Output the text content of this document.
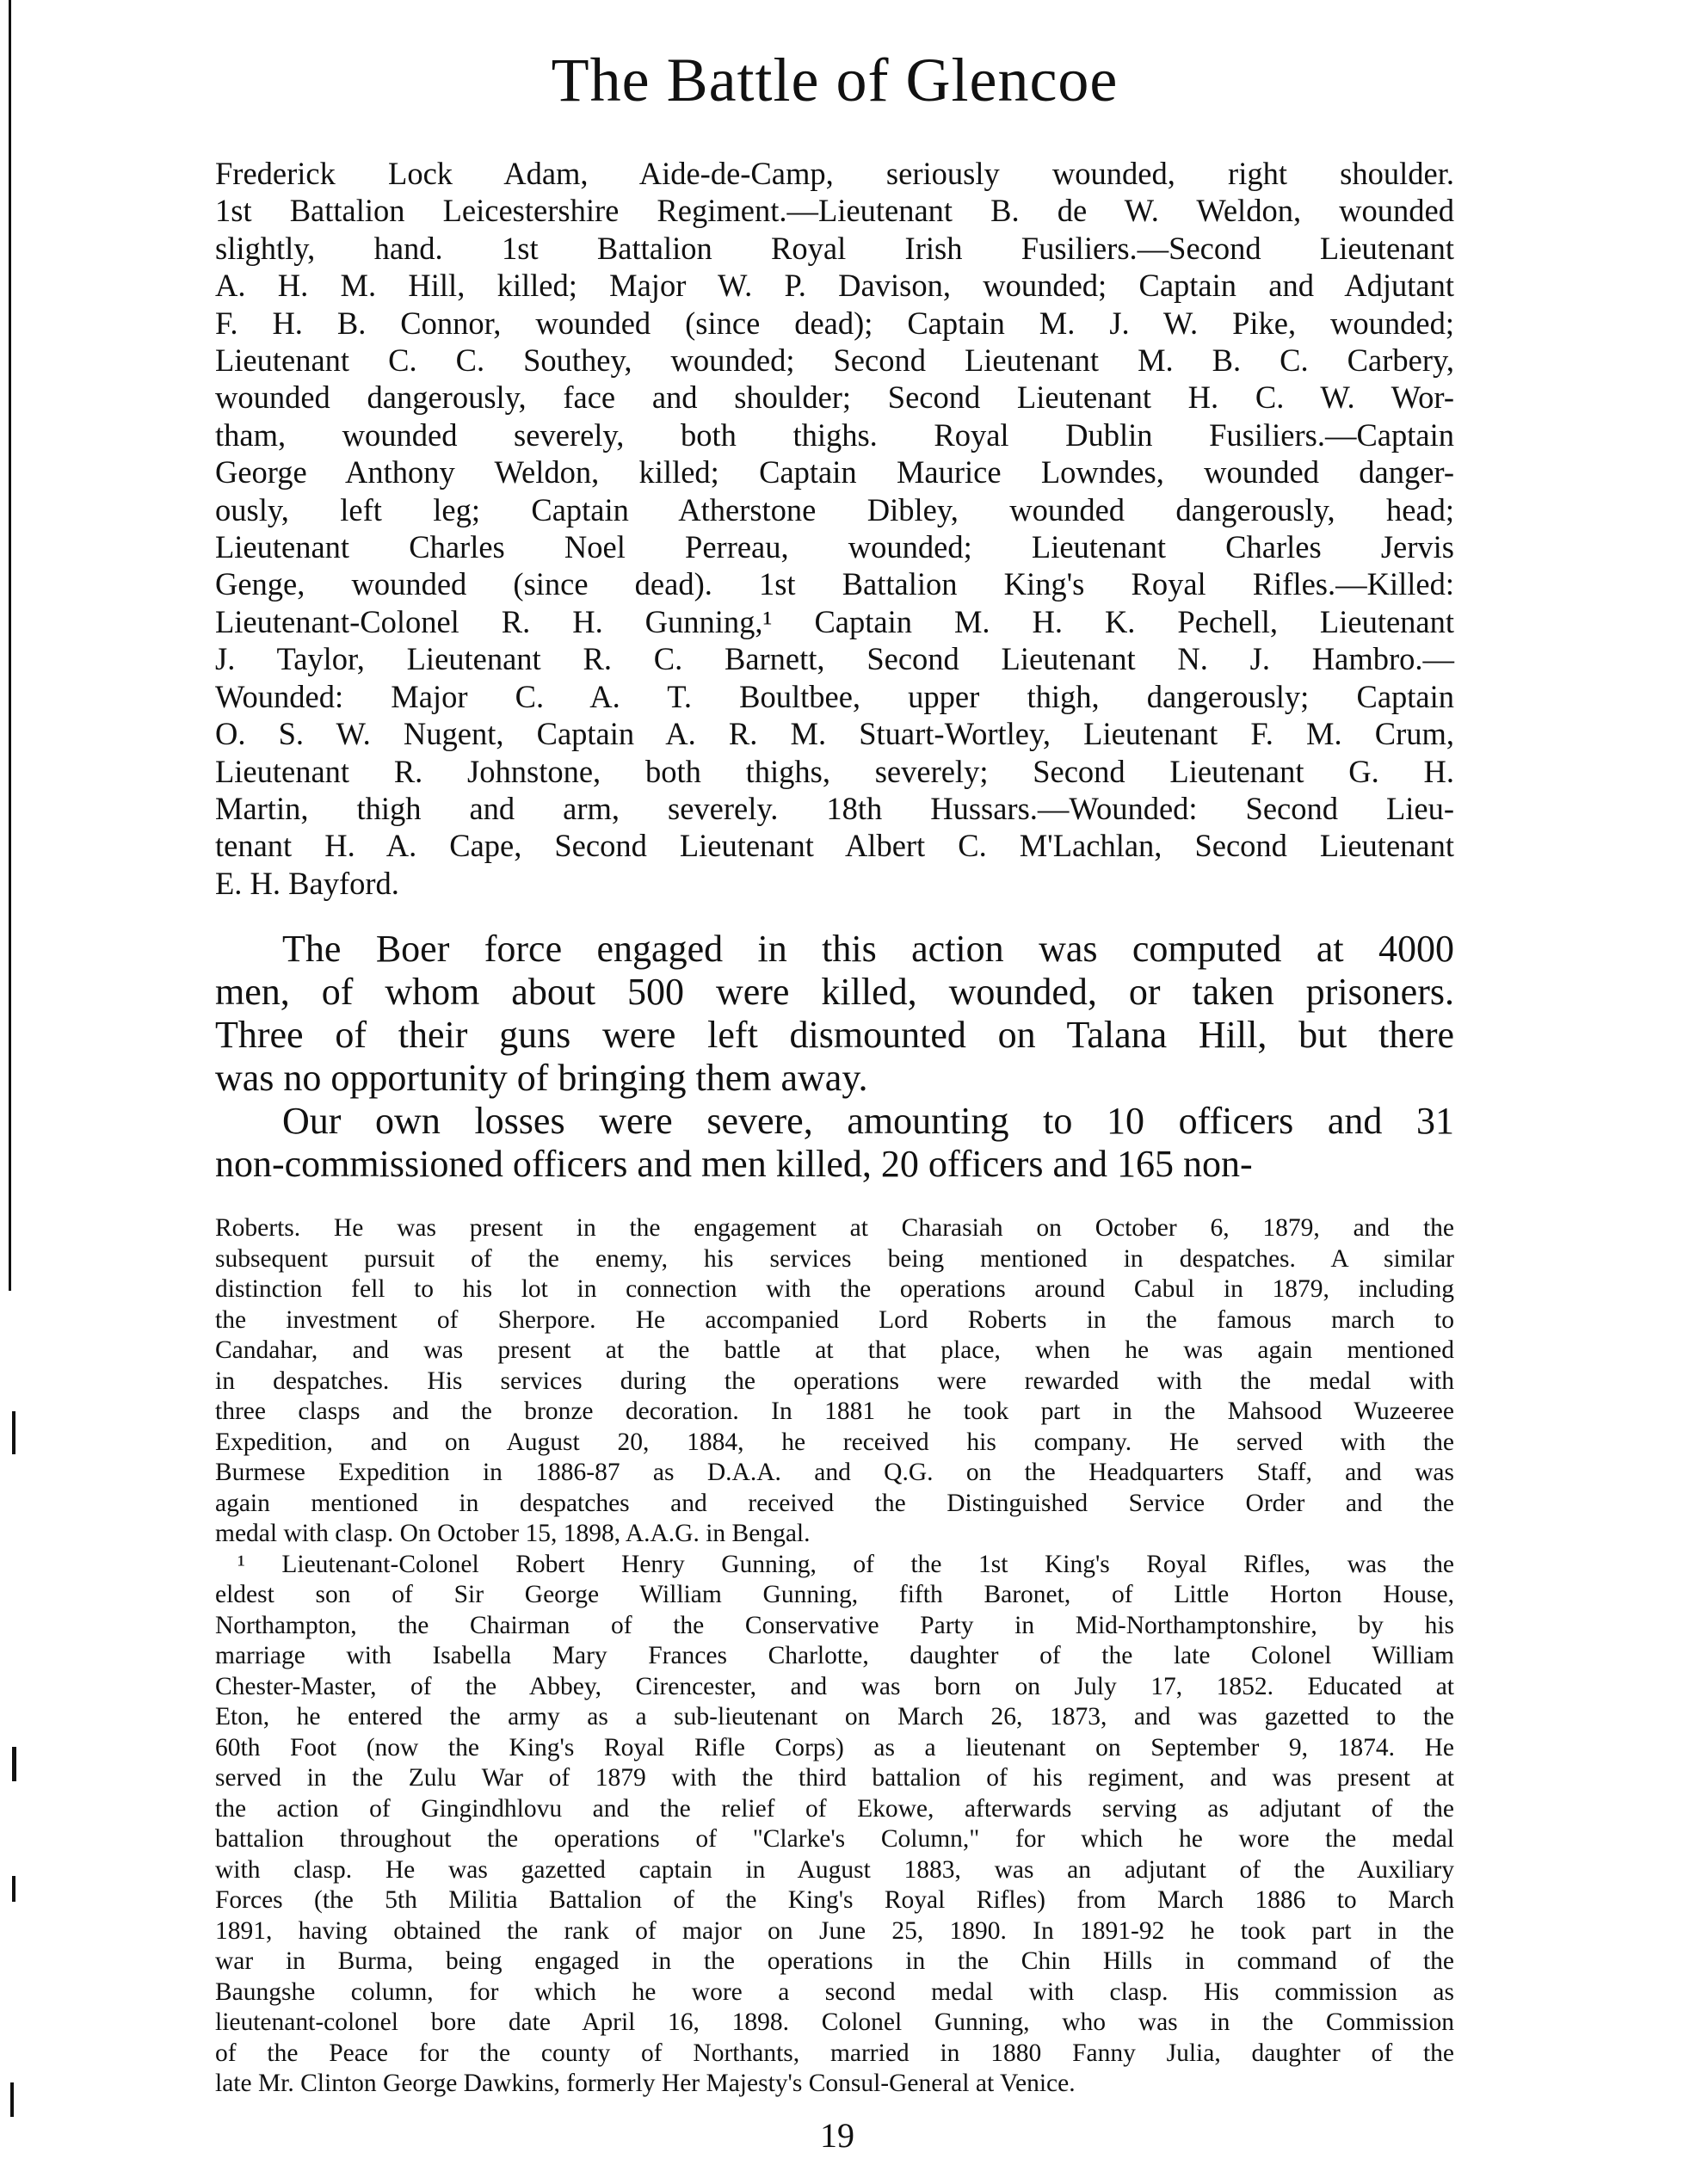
The Battle of Glencoe
Frederick Lock Adam, Aide-de-Camp, seriously wounded, right shoulder.
1st Battalion Leicestershire Regiment.—Lieutenant B. de W. Weldon, wounded
slightly, hand. 1st Battalion Royal Irish Fusiliers.—Second Lieutenant
A. H. M. Hill, killed; Major W. P. Davison, wounded; Captain and Adjutant
F. H. B. Connor, wounded (since dead); Captain M. J. W. Pike, wounded;
Lieutenant C. C. Southey, wounded; Second Lieutenant M. B. C. Carbery,
wounded dangerously, face and shoulder; Second Lieutenant H. C. W. Wor-
tham, wounded severely, both thighs. Royal Dublin Fusiliers.—Captain
George Anthony Weldon, killed; Captain Maurice Lowndes, wounded danger-
ously, left leg; Captain Atherstone Dibley, wounded dangerously, head;
Lieutenant Charles Noel Perreau, wounded; Lieutenant Charles Jervis
Genge, wounded (since dead). 1st Battalion King's Royal Rifles.—Killed:
Lieutenant-Colonel R. H. Gunning,¹ Captain M. H. K. Pechell, Lieutenant
J. Taylor, Lieutenant R. C. Barnett, Second Lieutenant N. J. Hambro.—
Wounded: Major C. A. T. Boultbee, upper thigh, dangerously; Captain
O. S. W. Nugent, Captain A. R. M. Stuart-Wortley, Lieutenant F. M. Crum,
Lieutenant R. Johnstone, both thighs, severely; Second Lieutenant G. H.
Martin, thigh and arm, severely. 18th Hussars.—Wounded: Second Lieu-
tenant H. A. Cape, Second Lieutenant Albert C. M'Lachlan, Second Lieutenant
E. H. Bayford.
The Boer force engaged in this action was computed at 4000
men, of whom about 500 were killed, wounded, or taken prisoners.
Three of their guns were left dismounted on Talana Hill, but there
was no opportunity of bringing them away.
Our own losses were severe, amounting to 10 officers and 31
non-commissioned officers and men killed, 20 officers and 165 non-
Roberts. He was present in the engagement at Charasiah on October 6, 1879, and the
subsequent pursuit of the enemy, his services being mentioned in despatches. A similar
distinction fell to his lot in connection with the operations around Cabul in 1879, including
the investment of Sherpore. He accompanied Lord Roberts in the famous march to
Candahar, and was present at the battle at that place, when he was again mentioned
in despatches. His services during the operations were rewarded with the medal with
three clasps and the bronze decoration. In 1881 he took part in the Mahsood Wuzeeree
Expedition, and on August 20, 1884, he received his company. He served with the
Burmese Expedition in 1886-87 as D.A.A. and Q.G. on the Headquarters Staff, and was
again mentioned in despatches and received the Distinguished Service Order and the
medal with clasp. On October 15, 1898, A.A.G. in Bengal.
¹ Lieutenant-Colonel Robert Henry Gunning, of the 1st King's Royal Rifles, was the
eldest son of Sir George William Gunning, fifth Baronet, of Little Horton House,
Northampton, the Chairman of the Conservative Party in Mid-Northamptonshire, by his
marriage with Isabella Mary Frances Charlotte, daughter of the late Colonel William
Chester-Master, of the Abbey, Cirencester, and was born on July 17, 1852. Educated at
Eton, he entered the army as a sub-lieutenant on March 26, 1873, and was gazetted to the
60th Foot (now the King's Royal Rifle Corps) as a lieutenant on September 9, 1874. He
served in the Zulu War of 1879 with the third battalion of his regiment, and was present at
the action of Gingindhlovu and the relief of Ekowe, afterwards serving as adjutant of the
battalion throughout the operations of "Clarke's Column," for which he wore the medal
with clasp. He was gazetted captain in August 1883, was an adjutant of the Auxiliary
Forces (the 5th Militia Battalion of the King's Royal Rifles) from March 1886 to March
1891, having obtained the rank of major on June 25, 1890. In 1891-92 he took part in the
war in Burma, being engaged in the operations in the Chin Hills in command of the
Baungshe column, for which he wore a second medal with clasp. His commission as
lieutenant-colonel bore date April 16, 1898. Colonel Gunning, who was in the Commission
of the Peace for the county of Northants, married in 1880 Fanny Julia, daughter of the
late Mr. Clinton George Dawkins, formerly Her Majesty's Consul-General at Venice.
19
